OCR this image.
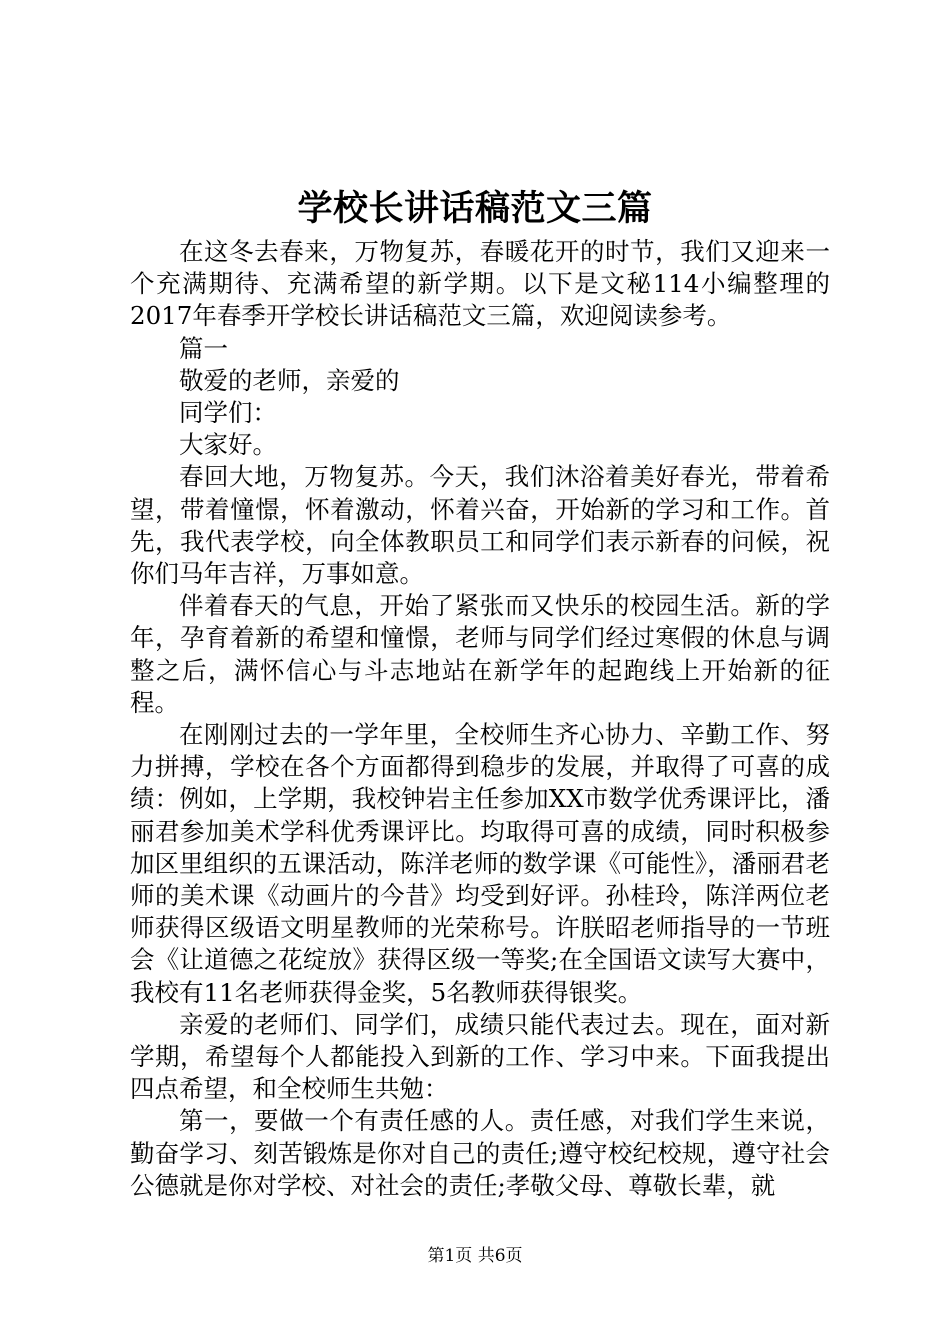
学校长讲话稿范文三篇

在这冬去春来，万物复苏，春暖花开的时节，我们又迎来一个充满期待、充满希望的新学期。以下是文秘114小编整理的2017年春季开学校长讲话稿范文三篇，欢迎阅读参考。

篇一

敬爱的老师，亲爱的

同学们：

大家好。

春回大地，万物复苏。今天，我们沐浴着美好春光，带着希望，带着憧憬，怀着激动，怀着兴奋，开始新的学习和工作。首先，我代表学校，向全体教职员工和同学们表示新春的问候，祝你们马年吉祥，万事如意。

伴着春天的气息，开始了紧张而又快乐的校园生活。新的学年，孕育着新的希望和憧憬，老师与同学们经过寒假的休息与调整之后，满怀信心与斗志地站在新学年的起跑线上开始新的征程。

在刚刚过去的一学年里，全校师生齐心协力、辛勤工作、努力拼搏，学校在各个方面都得到稳步的发展，并取得了可喜的成绩：例如，上学期，我校钟岩主任参加XX市数学优秀课评比，潘丽君参加美术学科优秀课评比。均取得可喜的成绩，同时积极参加区里组织的五课活动，陈洋老师的数学课《可能性》，潘丽君老师的美术课《动画片的今昔》均受到好评。孙桂玲，陈洋两位老师获得区级语文明星教师的光荣称号。许朕昭老师指导的一节班会《让道德之花绽放》获得区级一等奖;在全国语文读写大赛中，我校有11名老师获得金奖，5名教师获得银奖。

亲爱的老师们、同学们，成绩只能代表过去。现在，面对新学期，希望每个人都能投入到新的工作、学习中来。下面我提出四点希望，和全校师生共勉：

第一，要做一个有责任感的人。责任感，对我们学生来说，勤奋学习、刻苦锻炼是你对自己的责任;遵守校纪校规，遵守社会公德就是你对学校、对社会的责任;孝敬父母、尊敬长辈，就

第1页 共6页
